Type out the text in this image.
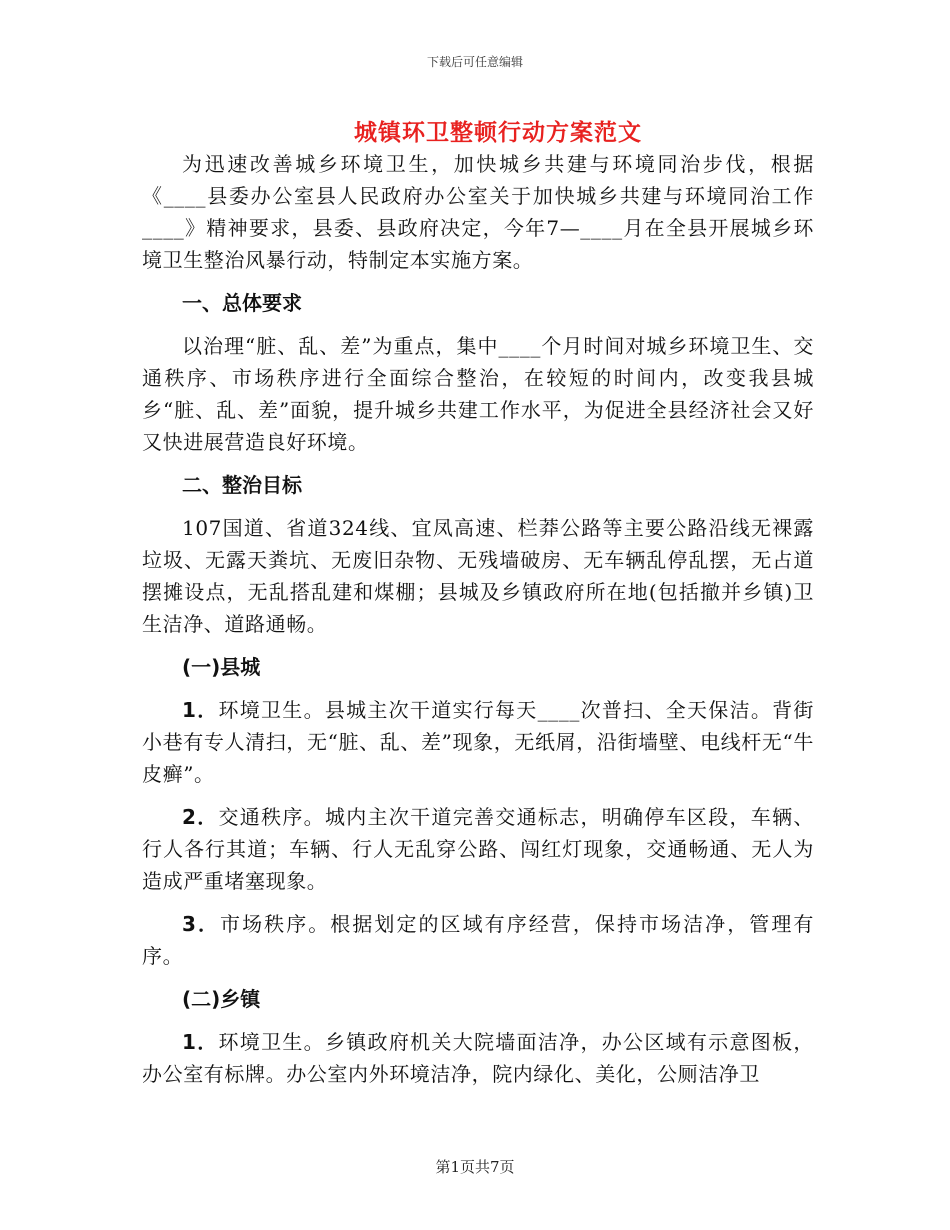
下载后可任意编辑
城镇环卫整顿行动方案范文

为迅速改善城乡环境卫生，加快城乡共建与环境同治步伐，根据《____县委办公室县人民政府办公室关于加快城乡共建与环境同治工作____》精神要求，县委、县政府决定，今年7—____月在全县开展城乡环境卫生整治风暴行动，特制定本实施方案。

一、总体要求

以治理“脏、乱、差”为重点，集中____个月时间对城乡环境卫生、交通秩序、市场秩序进行全面综合整治，在较短的时间内，改变我县城乡“脏、乱、差”面貌，提升城乡共建工作水平，为促进全县经济社会又好又快进展营造良好环境。

二、整治目标

107国道、省道324线、宜凤高速、栏莽公路等主要公路沿线无裸露垃圾、无露天粪坑、无废旧杂物、无残墙破房、无车辆乱停乱摆，无占道摆摊设点，无乱搭乱建和煤棚；县城及乡镇政府所在地(包括撤并乡镇)卫生洁净、道路通畅。

(一)县城

1．环境卫生。县城主次干道实行每天____次普扫、全天保洁。背街小巷有专人清扫，无“脏、乱、差”现象，无纸屑，沿街墙壁、电线杆无“牛皮癣”。

2．交通秩序。城内主次干道完善交通标志，明确停车区段，车辆、行人各行其道；车辆、行人无乱穿公路、闯红灯现象，交通畅通、无人为造成严重堵塞现象。

3．市场秩序。根据划定的区域有序经营，保持市场洁净，管理有序。

(二)乡镇

1．环境卫生。乡镇政府机关大院墙面洁净，办公区域有示意图板，办公室有标牌。办公室内外环境洁净，院内绿化、美化，公厕洁净卫

第1页共7页
